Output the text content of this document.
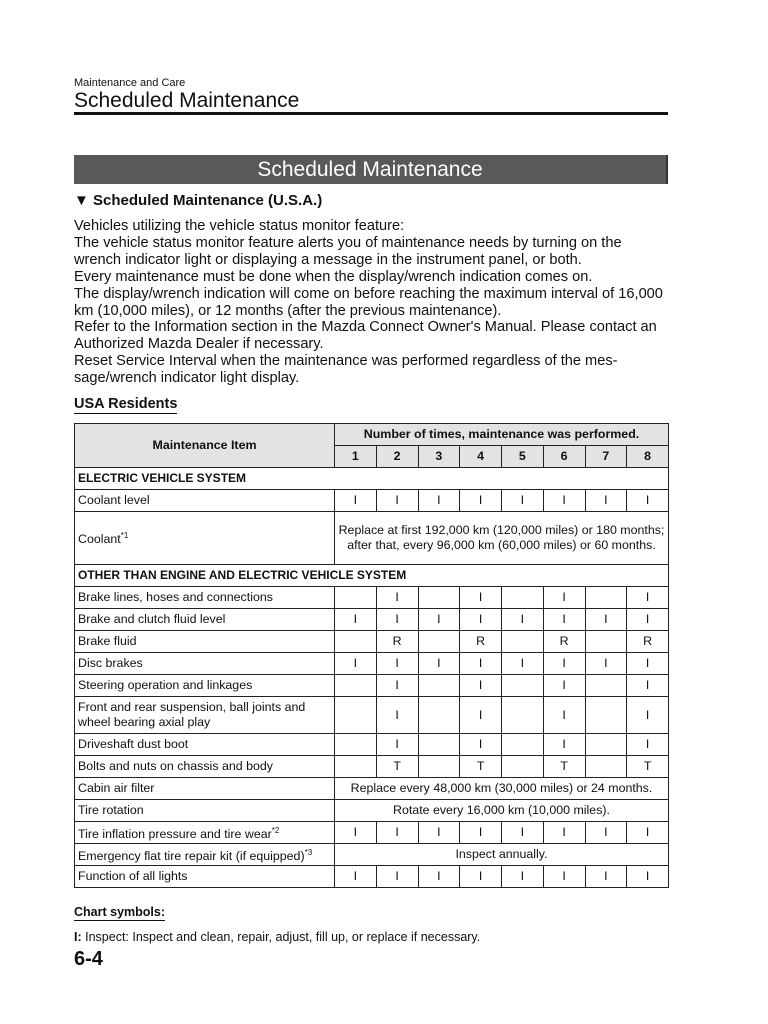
Maintenance and Care
Scheduled Maintenance
Scheduled Maintenance
▼ Scheduled Maintenance (U.S.A.)

Vehicles utilizing the vehicle status monitor feature:

The vehicle status monitor feature alerts you of maintenance needs by turning on the wrench indicator light or displaying a message in the instrument panel, or both.

Every maintenance must be done when the display/wrench indication comes on.

The display/wrench indication will come on before reaching the maximum interval of 16,000 km (10,000 miles), or 12 months (after the previous maintenance).

Refer to the Information section in the Mazda Connect Owner's Manual. Please contact an Authorized Mazda Dealer if necessary.

Reset Service Interval when the maintenance was performed regardless of the mes-sage/wrench indicator light display.

USA Residents
Maintenance Item	Number of times, maintenance was performed.							
	1	2	3	4	5	6	7	8
ELECTRIC VEHICLE SYSTEM								
Coolant level	I	I	I	I	I	I	I	I
Coolant$^{*1}$	Replace at first 192,000 km (120,000 miles) or 180 months; after that, every 96,000 km (60,000 miles) or 60 months.							
OTHER THAN ENGINE AND ELECTRIC VEHICLE SYSTEM								
Brake lines, hoses and connections		I		I		I		I
Brake and clutch fluid level	I	I	I	I	I	I	I	I
Brake fluid		R		R		R		R
Disc brakes	I	I	I	I	I	I	I	I
Steering operation and linkages		I		I		I		I
Front and rear suspension, ball joints and wheel bearing axial play		I		I		I		I
Driveshaft dust boot		I		I		I		I
Bolts and nuts on chassis and body		T		T		T		T
Cabin air filter	Replace every 48,000 km (30,000 miles) or 24 months.							
Tire rotation	Rotate every 16,000 km (10,000 miles).							
Tire inflation pressure and tire wear$^{*2}$	I	I	I	I	I	I	I	I
Emergency flat tire repair kit (if equipped)$^{*3}$	Inspect annually.							
Function of all lights	I	I	I	I	I	I	I	I
Chart symbols:
I: Inspect: Inspect and clean, repair, adjust, fill up, or replace if necessary.
6-4
